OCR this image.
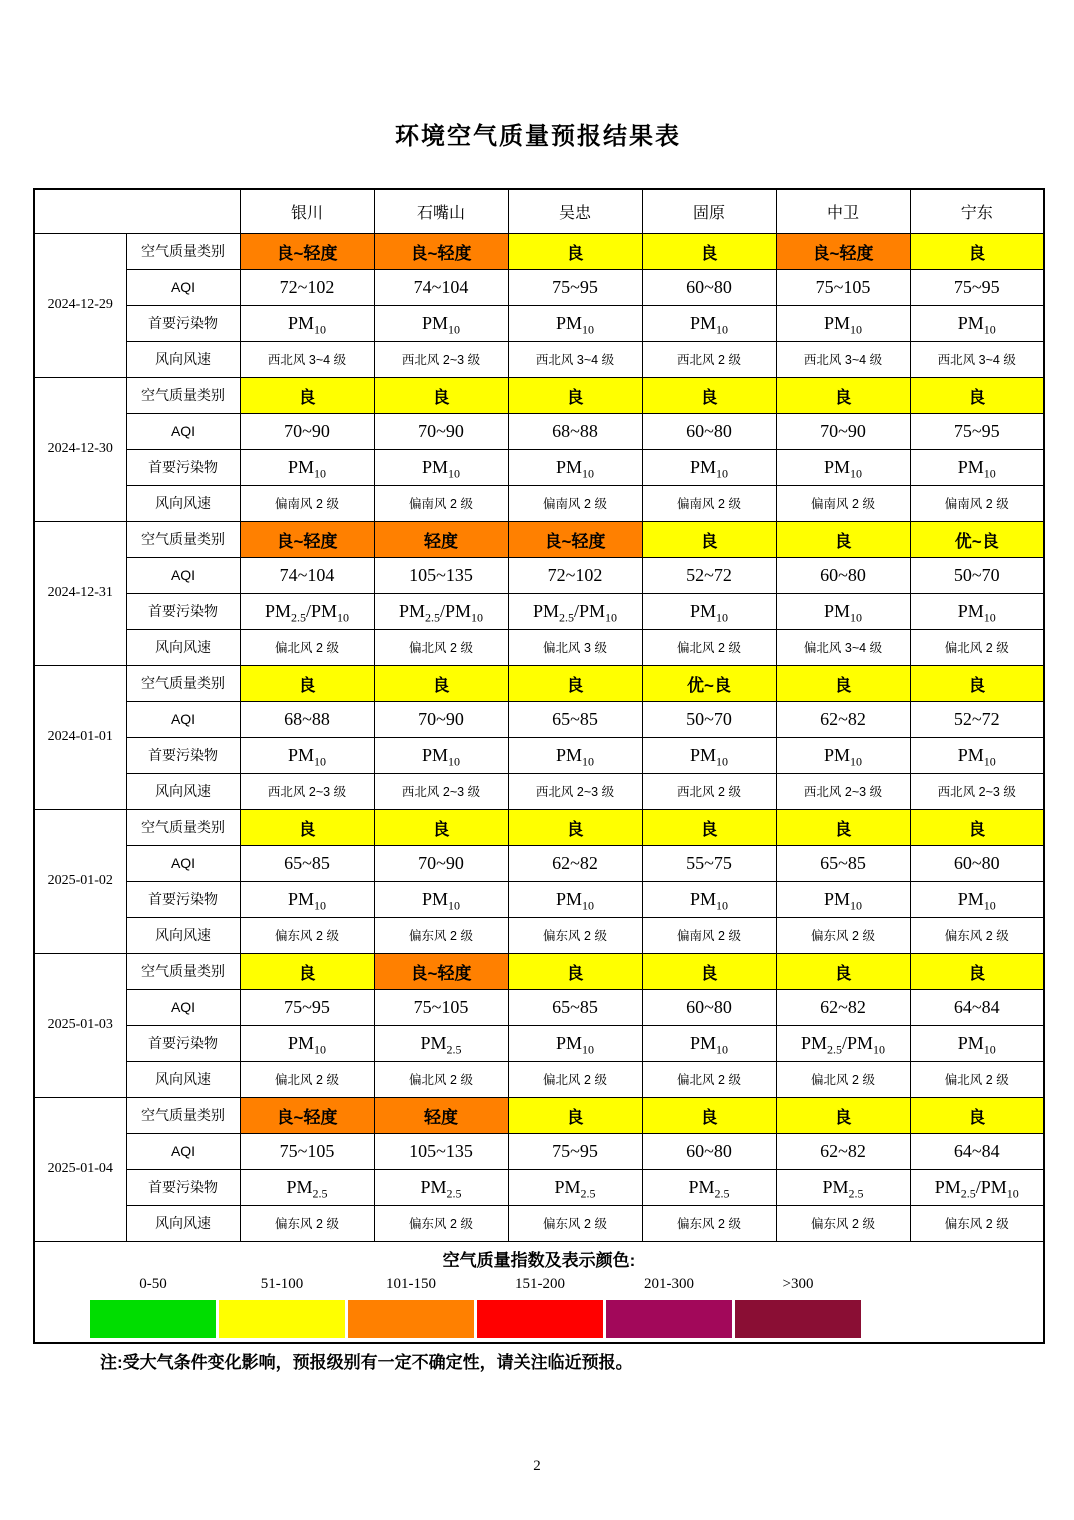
环境空气质量预报结果表
		银川	石嘴山	吴忠	固原	中卫	宁东
2024-12-29	空气质量类别	良~轻度	良~轻度	良	良	良~轻度	良
	AQI	72~102	74~104	75~95	60~80	75~105	75~95
	首要污染物	$PM_{10}$	$PM_{10}$	$PM_{10}$	$PM_{10}$	$PM_{10}$	$PM_{10}$
	风向风速	西北风 3~4 级	西北风 2~3 级	西北风 3~4 级	西北风 2 级	西北风 3~4 级	西北风 3~4 级
2024-12-30	空气质量类别	良	良	良	良	良	良
	AQI	70~90	70~90	68~88	60~80	70~90	75~95
	首要污染物	$PM_{10}$	$PM_{10}$	$PM_{10}$	$PM_{10}$	$PM_{10}$	$PM_{10}$
	风向风速	偏南风 2 级	偏南风 2 级	偏南风 2 级	偏南风 2 级	偏南风 2 级	偏南风 2 级
2024-12-31	空气质量类别	良~轻度	轻度	良~轻度	良	良	优~良
	AQI	74~104	105~135	72~102	52~72	60~80	50~70
	首要污染物	$PM_{2.5}/PM_{10}$	$PM_{2.5}/PM_{10}$	$PM_{2.5}/PM_{10}$	$PM_{10}$	$PM_{10}$	$PM_{10}$
	风向风速	偏北风 2 级	偏北风 2 级	偏北风 3 级	偏北风 2 级	偏北风 3~4 级	偏北风 2 级
2024-01-01	空气质量类别	良	良	良	优~良	良	良
	AQI	68~88	70~90	65~85	50~70	62~82	52~72
	首要污染物	$PM_{10}$	$PM_{10}$	$PM_{10}$	$PM_{10}$	$PM_{10}$	$PM_{10}$
	风向风速	西北风 2~3 级	西北风 2~3 级	西北风 2~3 级	西北风 2 级	西北风 2~3 级	西北风 2~3 级
2025-01-02	空气质量类别	良	良	良	良	良	良
	AQI	65~85	70~90	62~82	55~75	65~85	60~80
	首要污染物	$PM_{10}$	$PM_{10}$	$PM_{10}$	$PM_{10}$	$PM_{10}$	$PM_{10}$
	风向风速	偏东风 2 级	偏东风 2 级	偏东风 2 级	偏南风 2 级	偏东风 2 级	偏东风 2 级
2025-01-03	空气质量类别	良	良~轻度	良	良	良	良
	AQI	75~95	75~105	65~85	60~80	62~82	64~84
	首要污染物	$PM_{10}$	$PM_{2.5}$	$PM_{10}$	$PM_{10}$	$PM_{2.5}/PM_{10}$	$PM_{10}$
	风向风速	偏北风 2 级	偏北风 2 级	偏北风 2 级	偏北风 2 级	偏北风 2 级	偏北风 2 级
2025-01-04	空气质量类别	良~轻度	轻度	良	良	良	良
	AQI	75~105	105~135	75~95	60~80	62~82	64~84
	首要污染物	$PM_{2.5}$	$PM_{2.5}$	$PM_{2.5}$	$PM_{2.5}$	$PM_{2.5}$	$PM_{2.5}/PM_{10}$
	风向风速	偏东风 2 级	偏东风 2 级	偏东风 2 级	偏东风 2 级	偏东风 2 级	偏东风 2 级

空气质量指数及表示颜色:
0-50	51-100	101-150	151-200	201-300	>300
注:受大气条件变化影响，预报级别有一定不确定性，请关注临近预报。
2
